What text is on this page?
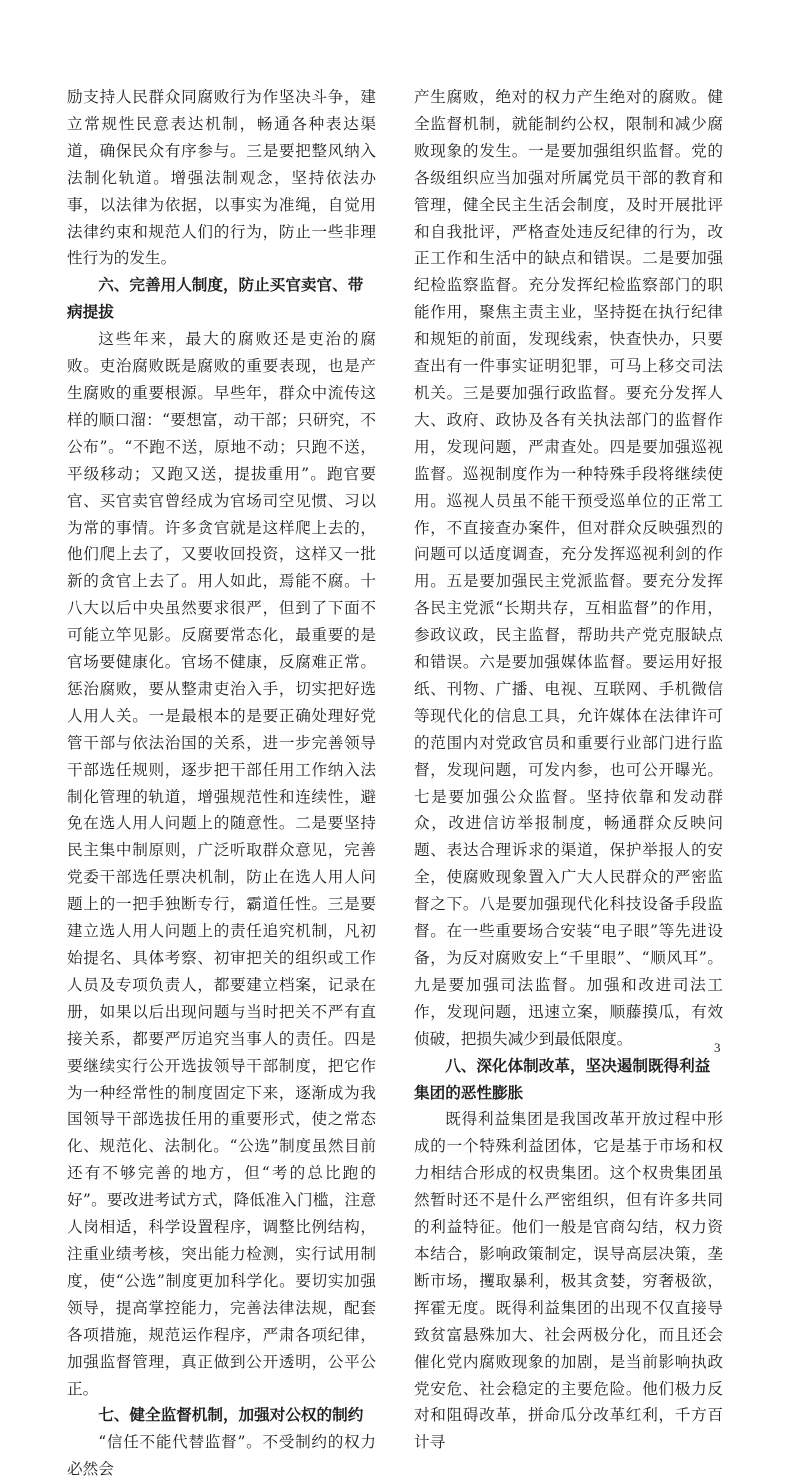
励支持人民群众同腐败行为作坚决斗争，建立常规性民意表达机制，畅通各种表达渠道，确保民众有序参与。三是要把整风纳入法制化轨道。增强法制观念，坚持依法办事，以法律为依据，以事实为准绳，自觉用法律约束和规范人们的行为，防止一些非理性行为的发生。

六、完善用人制度，防止买官卖官、带病提拔

这些年来，最大的腐败还是吏治的腐败。吏治腐败既是腐败的重要表现，也是产生腐败的重要根源。早些年，群众中流传这样的顺口溜：“要想富，动干部；只研究，不公布”。“不跑不送，原地不动；只跑不送，平级移动；又跑又送，提拔重用”。跑官要官、买官卖官曾经成为官场司空见惯、习以为常的事情。许多贪官就是这样爬上去的，他们爬上去了，又要收回投资，这样又一批新的贪官上去了。用人如此，焉能不腐。十八大以后中央虽然要求很严，但到了下面不可能立竿见影。反腐要常态化，最重要的是官场要健康化。官场不健康，反腐难正常。惩治腐败，要从整肃吏治入手，切实把好选人用人关。一是最根本的是要正确处理好党管干部与依法治国的关系，进一步完善领导干部选任规则，逐步把干部任用工作纳入法制化管理的轨道，增强规范性和连续性，避免在选人用人问题上的随意性。二是要坚持民主集中制原则，广泛听取群众意见，完善党委干部选任票决机制，防止在选人用人问题上的一把手独断专行，霸道任性。三是要建立选人用人问题上的责任追究机制，凡初始提名、具体考察、初审把关的组织或工作人员及专项负责人，都要建立档案，记录在册，如果以后出现问题与当时把关不严有直接关系，都要严厉追究当事人的责任。四是要继续实行公开选拔领导干部制度，把它作为一种经常性的制度固定下来，逐渐成为我国领导干部选拔任用的重要形式，使之常态化、规范化、法制化。“公选”制度虽然目前还有不够完善的地方，但“考的总比跑的好”。要改进考试方式，降低准入门槛，注意人岗相适，科学设置程序，调整比例结构，注重业绩考核，突出能力检测，实行试用制度，使“公选”制度更加科学化。要切实加强领导，提高掌控能力，完善法律法规，配套各项措施，规范运作程序，严肃各项纪律，加强监督管理，真正做到公开透明，公平公正。

七、健全监督机制，加强对公权的制约

“信任不能代替监督”。不受制约的权力必然会

产生腐败，绝对的权力产生绝对的腐败。健全监督机制，就能制约公权，限制和减少腐败现象的发生。一是要加强组织监督。党的各级组织应当加强对所属党员干部的教育和管理，健全民主生活会制度，及时开展批评和自我批评，严格查处违反纪律的行为，改正工作和生活中的缺点和错误。二是要加强纪检监察监督。充分发挥纪检监察部门的职能作用，聚焦主责主业，坚持挺在执行纪律和规矩的前面，发现线索，快查快办，只要查出有一件事实证明犯罪，可马上移交司法机关。三是要加强行政监督。要充分发挥人大、政府、政协及各有关执法部门的监督作用，发现问题，严肃查处。四是要加强巡视监督。巡视制度作为一种特殊手段将继续使用。巡视人员虽不能干预受巡单位的正常工作，不直接查办案件，但对群众反映强烈的问题可以适度调查，充分发挥巡视利剑的作用。五是要加强民主党派监督。要充分发挥各民主党派“长期共存，互相监督”的作用，参政议政，民主监督，帮助共产党克服缺点和错误。六是要加强媒体监督。要运用好报纸、刊物、广播、电视、互联网、手机微信等现代化的信息工具，允许媒体在法律许可的范围内对党政官员和重要行业部门进行监督，发现问题，可发内参，也可公开曝光。七是要加强公众监督。坚持依靠和发动群众，改进信访举报制度，畅通群众反映问题、表达合理诉求的渠道，保护举报人的安全，使腐败现象置入广大人民群众的严密监督之下。八是要加强现代化科技设备手段监督。在一些重要场合安装“电子眼”等先进设备，为反对腐败安上“千里眼”、“顺风耳”。九是要加强司法监督。加强和改进司法工作，发现问题，迅速立案，顺藤摸瓜，有效侦破，把损失减少到最低限度。

八、深化体制改革，坚决遏制既得利益集团的恶性膨胀

既得利益集团是我国改革开放过程中形成的一个特殊利益团体，它是基于市场和权力相结合形成的权贵集团。这个权贵集团虽然暂时还不是什么严密组织，但有许多共同的利益特征。他们一般是官商勾结，权力资本结合，影响政策制定，误导高层决策，垄断市场，攫取暴利，极其贪婪，穷奢极欲，挥霍无度。既得利益集团的出现不仅直接导致贫富悬殊加大、社会两极分化，而且还会催化党内腐败现象的加剧，是当前影响执政党安危、社会稳定的主要危险。他们极力反对和阻碍改革，拼命瓜分改革红利，千方百计寻

3
